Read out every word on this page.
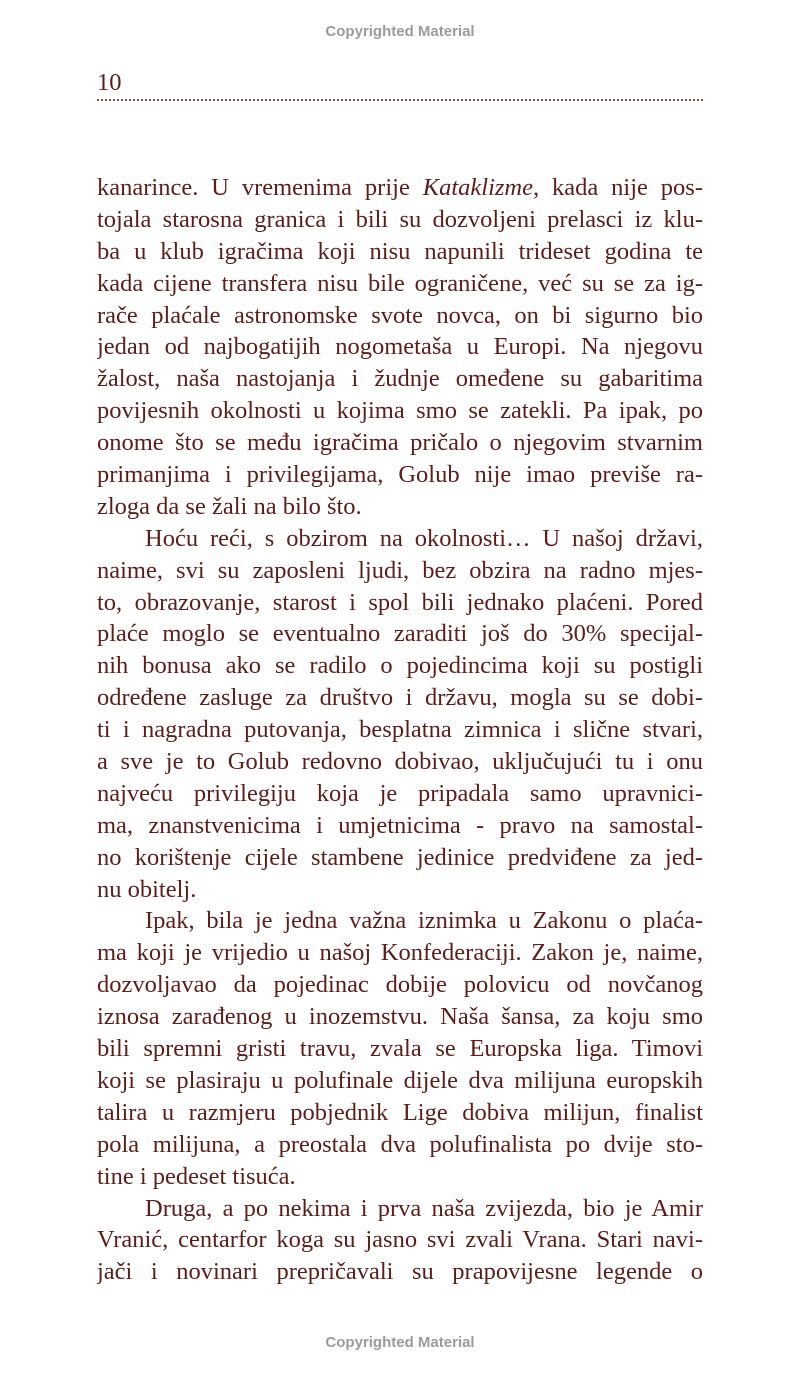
Copyrighted Material
10
kanarince. U vremenima prije Kataklizme, kada nije pos-
tojala starosna granica i bili su dozvoljeni prelasci iz klu-
ba u klub igračima koji nisu napunili trideset godina te
kada cijene transfera nisu bile ograničene, već su se za ig-
rače plaćale astronomske svote novca, on bi sigurno bio
jedan od najbogatijih nogometaša u Europi. Na njegovu
žalost, naša nastojanja i žudnje omeđene su gabaritima
povijesnih okolnosti u kojima smo se zatekli. Pa ipak, po
onome što se među igračima pričalo o njegovim stvarnim
primanjima i privilegijama, Golub nije imao previše ra-
zloga da se žali na bilo što.
Hoću reći, s obzirom na okolnosti… U našoj državi,
naime, svi su zaposleni ljudi, bez obzira na radno mjes-
to, obrazovanje, starost i spol bili jednako plaćeni. Pored
plaće moglo se eventualno zaraditi još do 30% specijal-
nih bonusa ako se radilo o pojedincima koji su postigli
određene zasluge za društvo i državu, mogla su se dobi-
ti i nagradna putovanja, besplatna zimnica i slične stvari,
a sve je to Golub redovno dobivao, uključujući tu i onu
najveću privilegiju koja je pripadala samo upravnici-
ma, znanstvenicima i umjetnicima - pravo na samostal-
no korištenje cijele stambene jedinice predviđene za jed-
nu obitelj.
Ipak, bila je jedna važna iznimka u Zakonu o plaća-
ma koji je vrijedio u našoj Konfederaciji. Zakon je, naime,
dozvoljavao da pojedinac dobije polovicu od novčanog
iznosa zarađenog u inozemstvu. Naša šansa, za koju smo
bili spremni gristi travu, zvala se Europska liga. Timovi
koji se plasiraju u polufinale dijele dva milijuna europskih
talira u razmjeru pobjednik Lige dobiva milijun, finalist
pola milijuna, a preostala dva polufinalista po dvije sto-
tine i pedeset tisuća.
Druga, a po nekima i prva naša zvijezda, bio je Amir
Vranić, centarfor koga su jasno svi zvali Vrana. Stari navi-
jači i novinari prepričavali su prapovijesne legende o
Copyrighted Material
